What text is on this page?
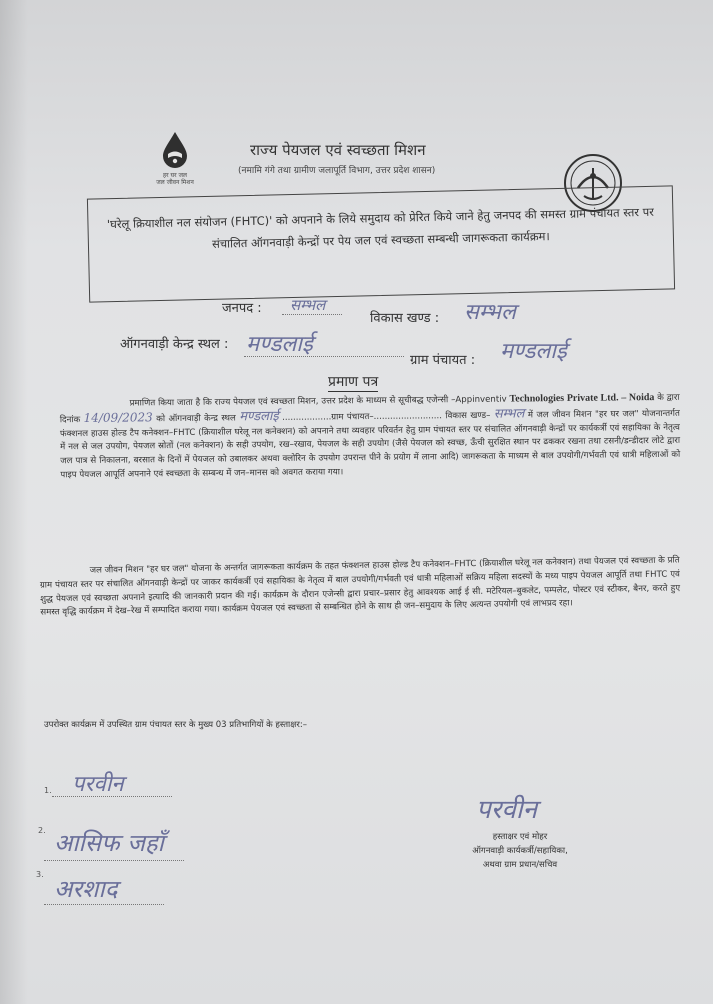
हर घर जल
जल जीवन मिशन
राज्य पेयजल एवं स्वच्छता मिशन
(नमामि गंगे तथा ग्रामीण जलापूर्ति विभाग, उत्तर प्रदेश शासन)
'घरेलू क्रियाशील नल संयोजन (FHTC)' को अपनाने के लिये समुदाय को प्रेरित किये जाने हेतु जनपद की समस्त ग्राम पंचायत स्तर पर संचालित ऑगनवाड़ी केन्द्रों पर पेय जल एवं स्वच्छता सम्बन्धी जागरूकता कार्यक्रम।
जनपद : सम्भल
विकास खण्ड : सम्भल
ऑगनवाड़ी केन्द्र स्थल : मण्डलाई
ग्राम पंचायत : मण्डलाई
प्रमाण पत्र
प्रमाणित किया जाता है कि राज्य पेयजल एवं स्वच्छता मिशन, उत्तर प्रदेश के माध्यम से सूचीबद्ध एजेन्सी –Appinventiv Technologies Private Ltd. – Noida के द्वारा दिनांक 14/09/2023 को ऑगनवाड़ी केन्द्र स्थल मण्डलाई ..................ग्राम पंचायत–......................... विकास खण्ड– सम्भल में जल जीवन मिशन "हर घर जल" योजनान्तर्गत फंक्शनल हाउस होल्ड टैप कनेक्शन–FHTC (क्रियाशील घरेलू नल कनेक्शन) को अपनाने तथा व्यवहार परिवर्तन हेतु ग्राम पंचायत स्तर पर संचालित ऑगनवाड़ी केन्द्रों पर कार्यकर्त्री एवं सहायिका के नेतृत्व में नल से जल उपयोग, पेयजल स्रोतों (नल कनेक्शन) के सही उपयोग, रख–रखाव, पेयजल के सही उपयोग (जैसे पेयजल को स्वच्छ, ऊँची सुरक्षित स्थान पर ढककर रखना तथा टसनी/डन्डीदार लोटे द्वारा जल पात्र से निकालना, बरसात के दिनों में पेयजल को उबालकर अथवा क्लोरिन के उपयोग उपरान्त पीने के प्रयोग में लाना आदि) जागरूकता के माध्यम से बाल उपयोगी/गर्भवती एवं धात्री महिलाओं को पाइप पेयजल आपूर्ति अपनाने एवं स्वच्छता के सम्बन्ध में जन–मानस को अवगत कराया गया।
जल जीवन मिशन "हर घर जल" योजना के अन्तर्गत जागरूकता कार्यक्रम के तहत फंक्शनल हाउस होल्ड टैप कनेक्शन–FHTC (क्रियाशील घरेलू नल कनेक्शन) तथा पेयजल एवं स्वच्छता के प्रति ग्राम पंचायत स्तर पर संचालित ऑगनवाड़ी केन्द्रों पर जाकर कार्यकर्त्री एवं सहायिका के नेतृत्व में बाल उपयोगी/गर्भवती एवं धात्री महिलाओं सक्रिय महिला सदस्यों के मध्य पाइप पेयजल आपूर्ति तथा FHTC एवं शुद्ध पेयजल एवं स्वच्छता अपनाने इत्यादि की जानकारी प्रदान की गई। कार्यक्रम के दौरान एजेन्सी द्वारा प्रचार–प्रसार हेतु आवश्यक आई ई सी. मटेरियल–बुकलेट, पम्पलेट, पोस्टर एवं स्टीकर, बैनर, करते हुए समस्त वृद्धि कार्यक्रम में देख–रेख में सम्पादित कराया गया। कार्यक्रम पेयजल एवं स्वच्छता से सम्बन्धित होने के साथ ही जन–समुदाय के लिए अत्यन्त उपयोगी एवं लाभप्रद रहा।
उपरोक्त कार्यक्रम में उपस्थित ग्राम पंचायत स्तर के मुख्य 03 प्रतिभागियों के हस्ताक्षर:–
1. परवीन
2. आसिफ जहाँ
3.
अरशाद
परवीन
हस्ताक्षर एवं मोहर
ऑगनवाड़ी कार्यकर्त्री/सहायिका,
अथवा ग्राम प्रधान/सचिव
